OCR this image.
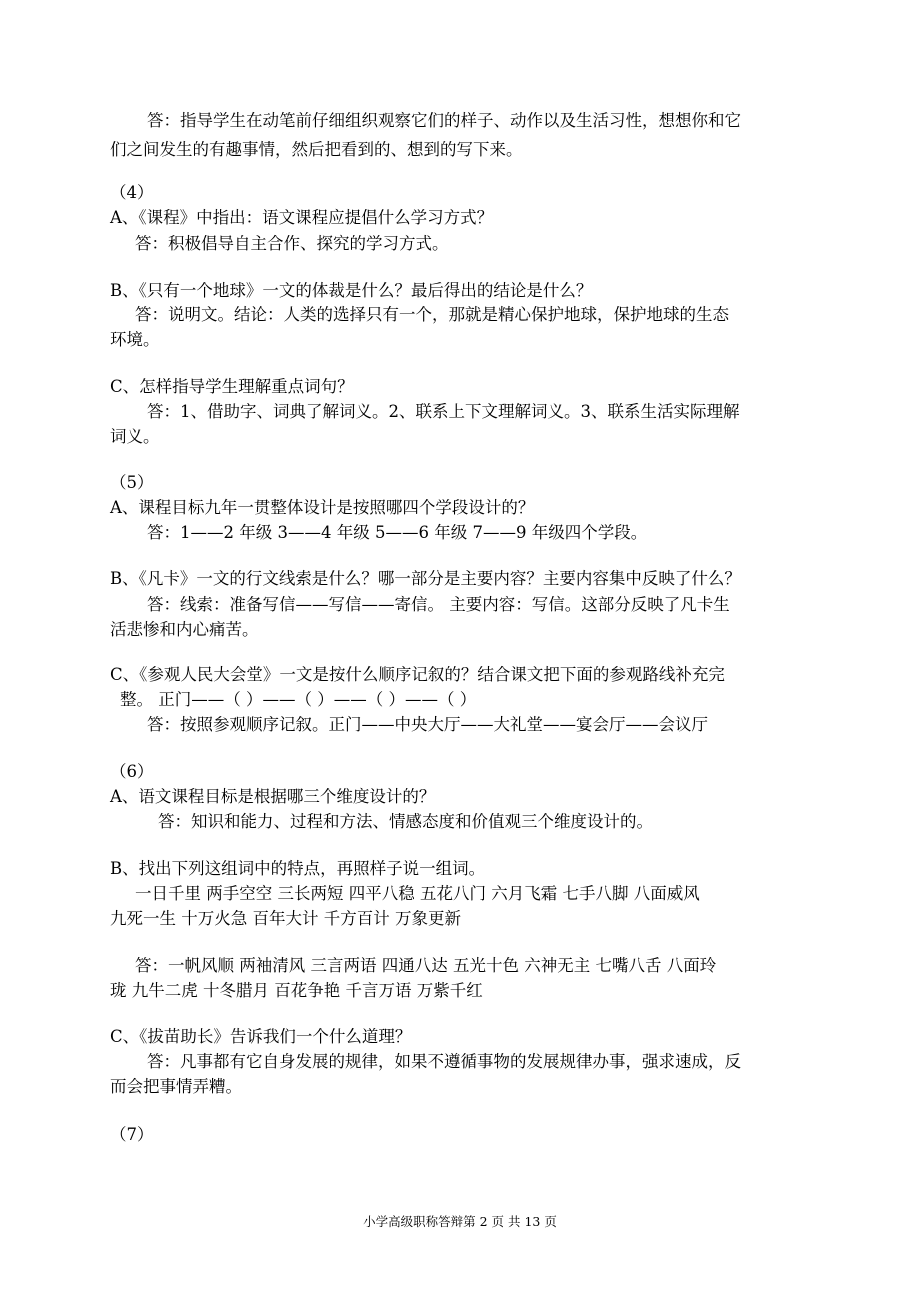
答：指导学生在动笔前仔细组织观察它们的样子、动作以及生活习性，想想你和它
们之间发生的有趣事情，然后把看到的、想到的写下来。
（4）
A、《课程》中指出：语文课程应提倡什么学习方式？
答：积极倡导自主合作、探究的学习方式。
B、《只有一个地球》一文的体裁是什么？最后得出的结论是什么？
答：说明文。结论：人类的选择只有一个，那就是精心保护地球，保护地球的生态
环境。
C、怎样指导学生理解重点词句？
答：1、借助字、词典了解词义。2、联系上下文理解词义。3、联系生活实际理解
词义。
（5）
A、课程目标九年一贯整体设计是按照哪四个学段设计的？
答：1——2 年级 3——4 年级 5——6 年级 7——9 年级四个学段。
B、《凡卡》一文的行文线索是什么？哪一部分是主要内容？主要内容集中反映了什么？
答：线索：准备写信——写信——寄信。 主要内容：写信。这部分反映了凡卡生
活悲惨和内心痛苦。
C、《参观人民大会堂》一文是按什么顺序记叙的？结合课文把下面的参观路线补充完
整。 正门——（ ）——（ ）——（ ）——（ ）
答：按照参观顺序记叙。正门——中央大厅——大礼堂——宴会厅——会议厅
（6）
A、语文课程目标是根据哪三个维度设计的？
答：知识和能力、过程和方法、情感态度和价值观三个维度设计的。
B、找出下列这组词中的特点，再照样子说一组词。
一日千里 两手空空 三长两短 四平八稳 五花八门 六月飞霜 七手八脚 八面威风
九死一生 十万火急 百年大计 千方百计 万象更新
答：一帆风顺 两袖清风 三言两语 四通八达 五光十色 六神无主 七嘴八舌 八面玲
珑 九牛二虎 十冬腊月 百花争艳 千言万语 万紫千红
C、《拔苗助长》告诉我们一个什么道理？
答：凡事都有它自身发展的规律，如果不遵循事物的发展规律办事，强求速成，反
而会把事情弄糟。
（7）
小学高级职称答辩第 2 页 共 13 页
